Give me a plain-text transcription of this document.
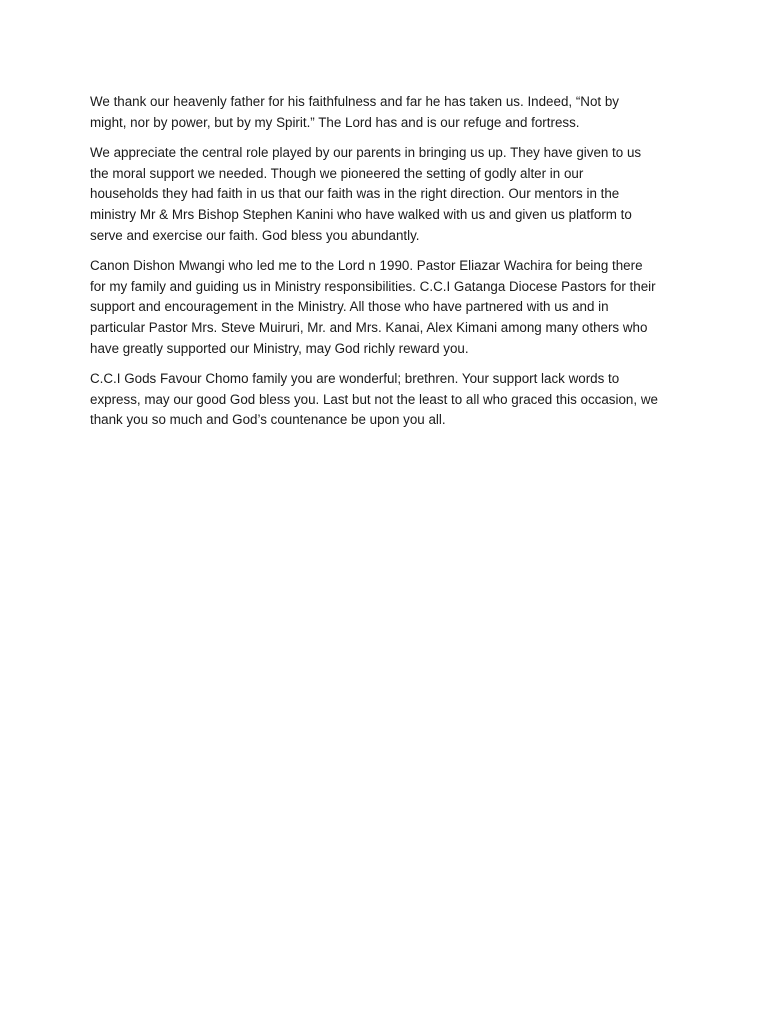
We thank our heavenly father for his faithfulness and far he has taken us. Indeed, “Not by
might, nor by power, but by my Spirit.” The Lord has and is our refuge and fortress.

We appreciate the central role played by our parents in bringing us up. They have given to us
the moral support we needed. Though we pioneered the setting of godly alter in our
households they had faith in us that our faith was in the right direction. Our mentors in the
ministry Mr & Mrs Bishop Stephen Kanini who have walked with us and given us platform to
serve and exercise our faith. God bless you abundantly.

Canon Dishon Mwangi who led me to the Lord n 1990. Pastor Eliazar Wachira for being there
for my family and guiding us in Ministry responsibilities. C.C.I Gatanga Diocese Pastors for their
support and encouragement in the Ministry. All those who have partnered with us and in
particular Pastor Mrs. Steve Muiruri, Mr. and Mrs. Kanai, Alex Kimani among many others who
have greatly supported our Ministry, may God richly reward you.

C.C.I Gods Favour Chomo family you are wonderful; brethren. Your support lack words to
express, may our good God bless you. Last but not the least to all who graced this occasion, we
thank you so much and God’s countenance be upon you all.
